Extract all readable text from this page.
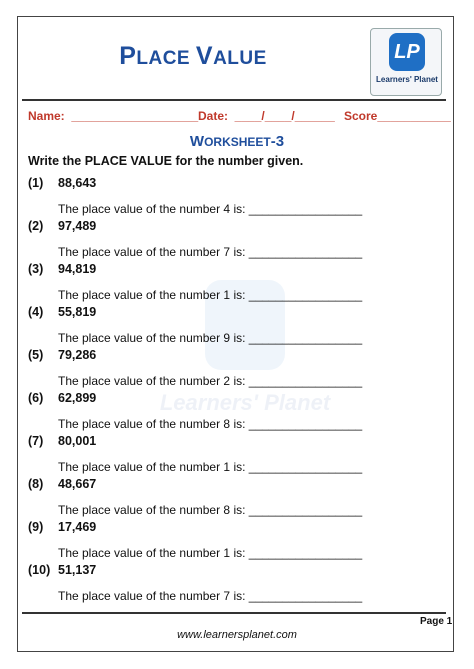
PLACE VALUE	LP
Learners' Planet
Name:  ___________________ Date:  ____/____/______ Score___________
WORKSHEET-3
Write the PLACE VALUE for the number given.
Learners' Planet
(1) 88,643
The place value of the number 4 is: _________________
(2) 97,489
The place value of the number 7 is: _________________
(3) 94,819
The place value of the number 1 is: _________________
(4) 55,819
The place value of the number 9 is: _________________
(5) 79,286
The place value of the number 2 is: _________________
(6) 62,899
The place value of the number 8 is: _________________
(7) 80,001
The place value of the number 1 is: _________________
(8) 48,667
The place value of the number 8 is: _________________
(9) 17,469
The place value of the number 1 is: _________________
(10) 51,137
The place value of the number 7 is: _________________
Page 1
www.learnersplanet.com
